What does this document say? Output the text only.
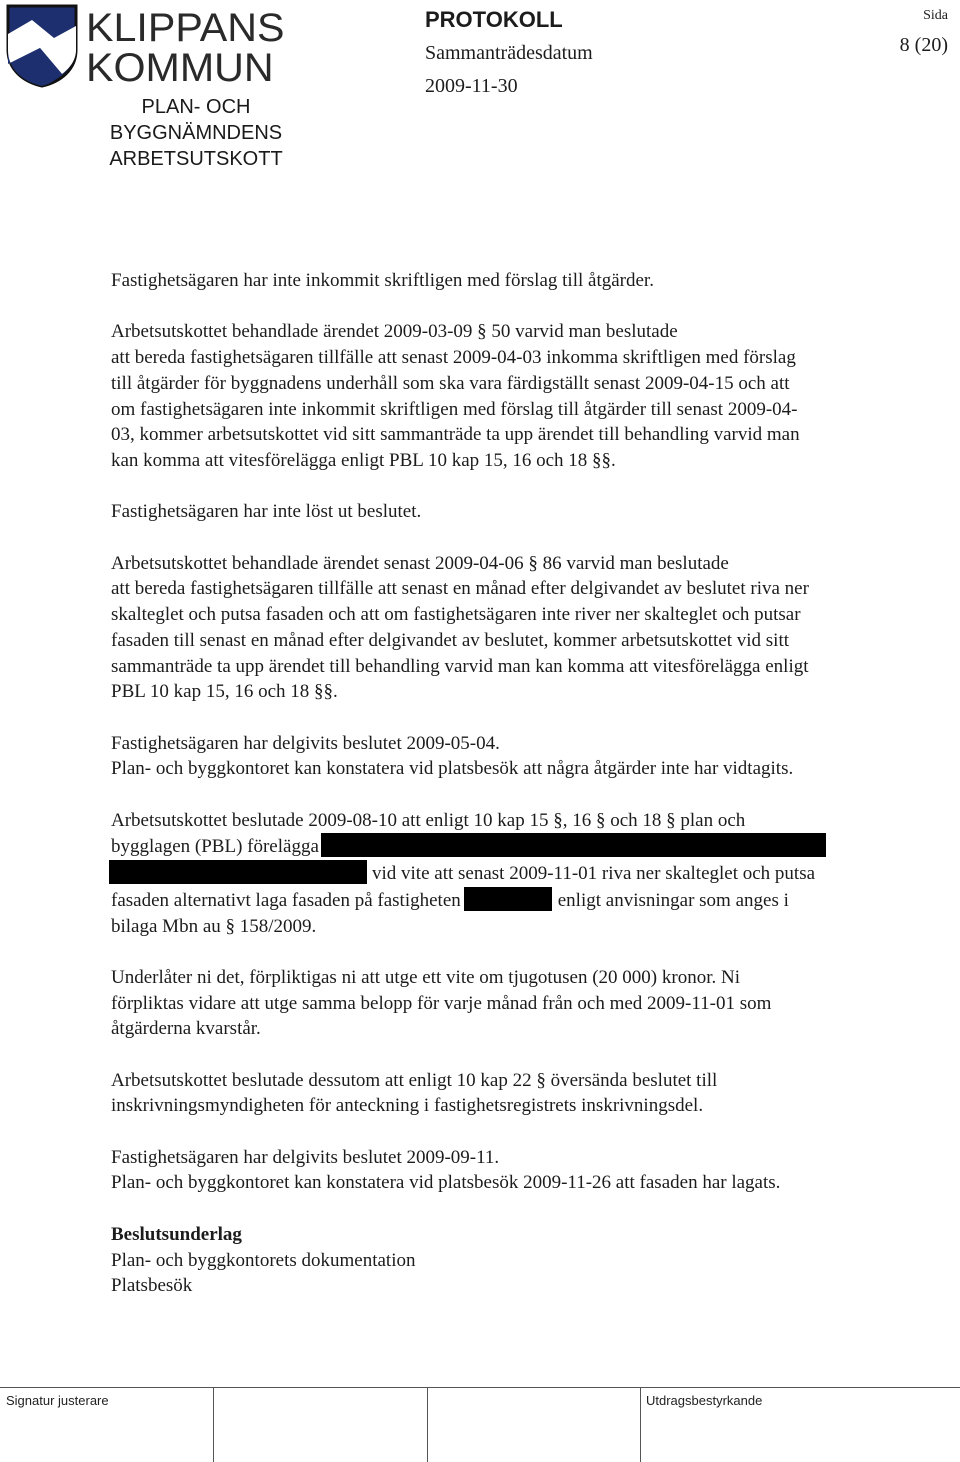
KLIPPANS
KOMMUN
PLAN- OCH
BYGGNÄMNDENS
ARBETSUTSKOTT
PROTOKOLL
Sammanträdesdatum
2009-11-30
Sida
8 (20)

Fastighetsägaren har inte inkommit skriftligen med förslag till åtgärder.

Arbetsutskottet behandlade ärendet 2009-03-09 § 50 varvid man beslutade
att bereda fastighetsägaren tillfälle att senast 2009-04-03 inkomma skriftligen med förslag
till åtgärder för byggnadens underhåll som ska vara färdigställt senast 2009-04-15 och att
om fastighetsägaren inte inkommit skriftligen med förslag till åtgärder till senast 2009-04-
03, kommer arbetsutskottet vid sitt sammanträde ta upp ärendet till behandling varvid man
kan komma att vitesförelägga enligt PBL 10 kap 15, 16 och 18 §§.

Fastighetsägaren har inte löst ut beslutet.

Arbetsutskottet behandlade ärendet senast 2009-04-06 § 86 varvid man beslutade
att bereda fastighetsägaren tillfälle att senast en månad efter delgivandet av beslutet riva ner
skalteglet och putsa fasaden och att om fastighetsägaren inte river ner skalteglet och putsar
fasaden till senast en månad efter delgivandet av beslutet, kommer arbetsutskottet vid sitt
sammanträde ta upp ärendet till behandling varvid man kan komma att vitesförelägga enligt
PBL 10 kap 15, 16 och 18 §§.

Fastighetsägaren har delgivits beslutet 2009-05-04.
Plan- och byggkontoret kan konstatera vid platsbesök att några åtgärder inte har vidtagits.

Arbetsutskottet beslutade 2009-08-10 att enligt 10 kap 15 §, 16 § och 18 § plan och
bygglagen (PBL) förelägga
vid vite att senast 2009-11-01 riva ner skalteglet och putsa
fasaden alternativt laga fasaden på fastigheten	enligt anvisningar som anges i
bilaga Mbn au § 158/2009.

Underlåter ni det, förpliktigas ni att utge ett vite om tjugotusen (20 000) kronor. Ni
förpliktas vidare att utge samma belopp för varje månad från och med 2009-11-01 som
åtgärderna kvarstår.

Arbetsutskottet beslutade dessutom att enligt 10 kap 22 § översända beslutet till
inskrivningsmyndigheten för anteckning i fastighetsregistrets inskrivningsdel.

Fastighetsägaren har delgivits beslutet 2009-09-11.
Plan- och byggkontoret kan konstatera vid platsbesök 2009-11-26 att fasaden har lagats.

Beslutsunderlag
Plan- och byggkontorets dokumentation
Platsbesök

Signatur justerare	Utdragsbestyrkande
